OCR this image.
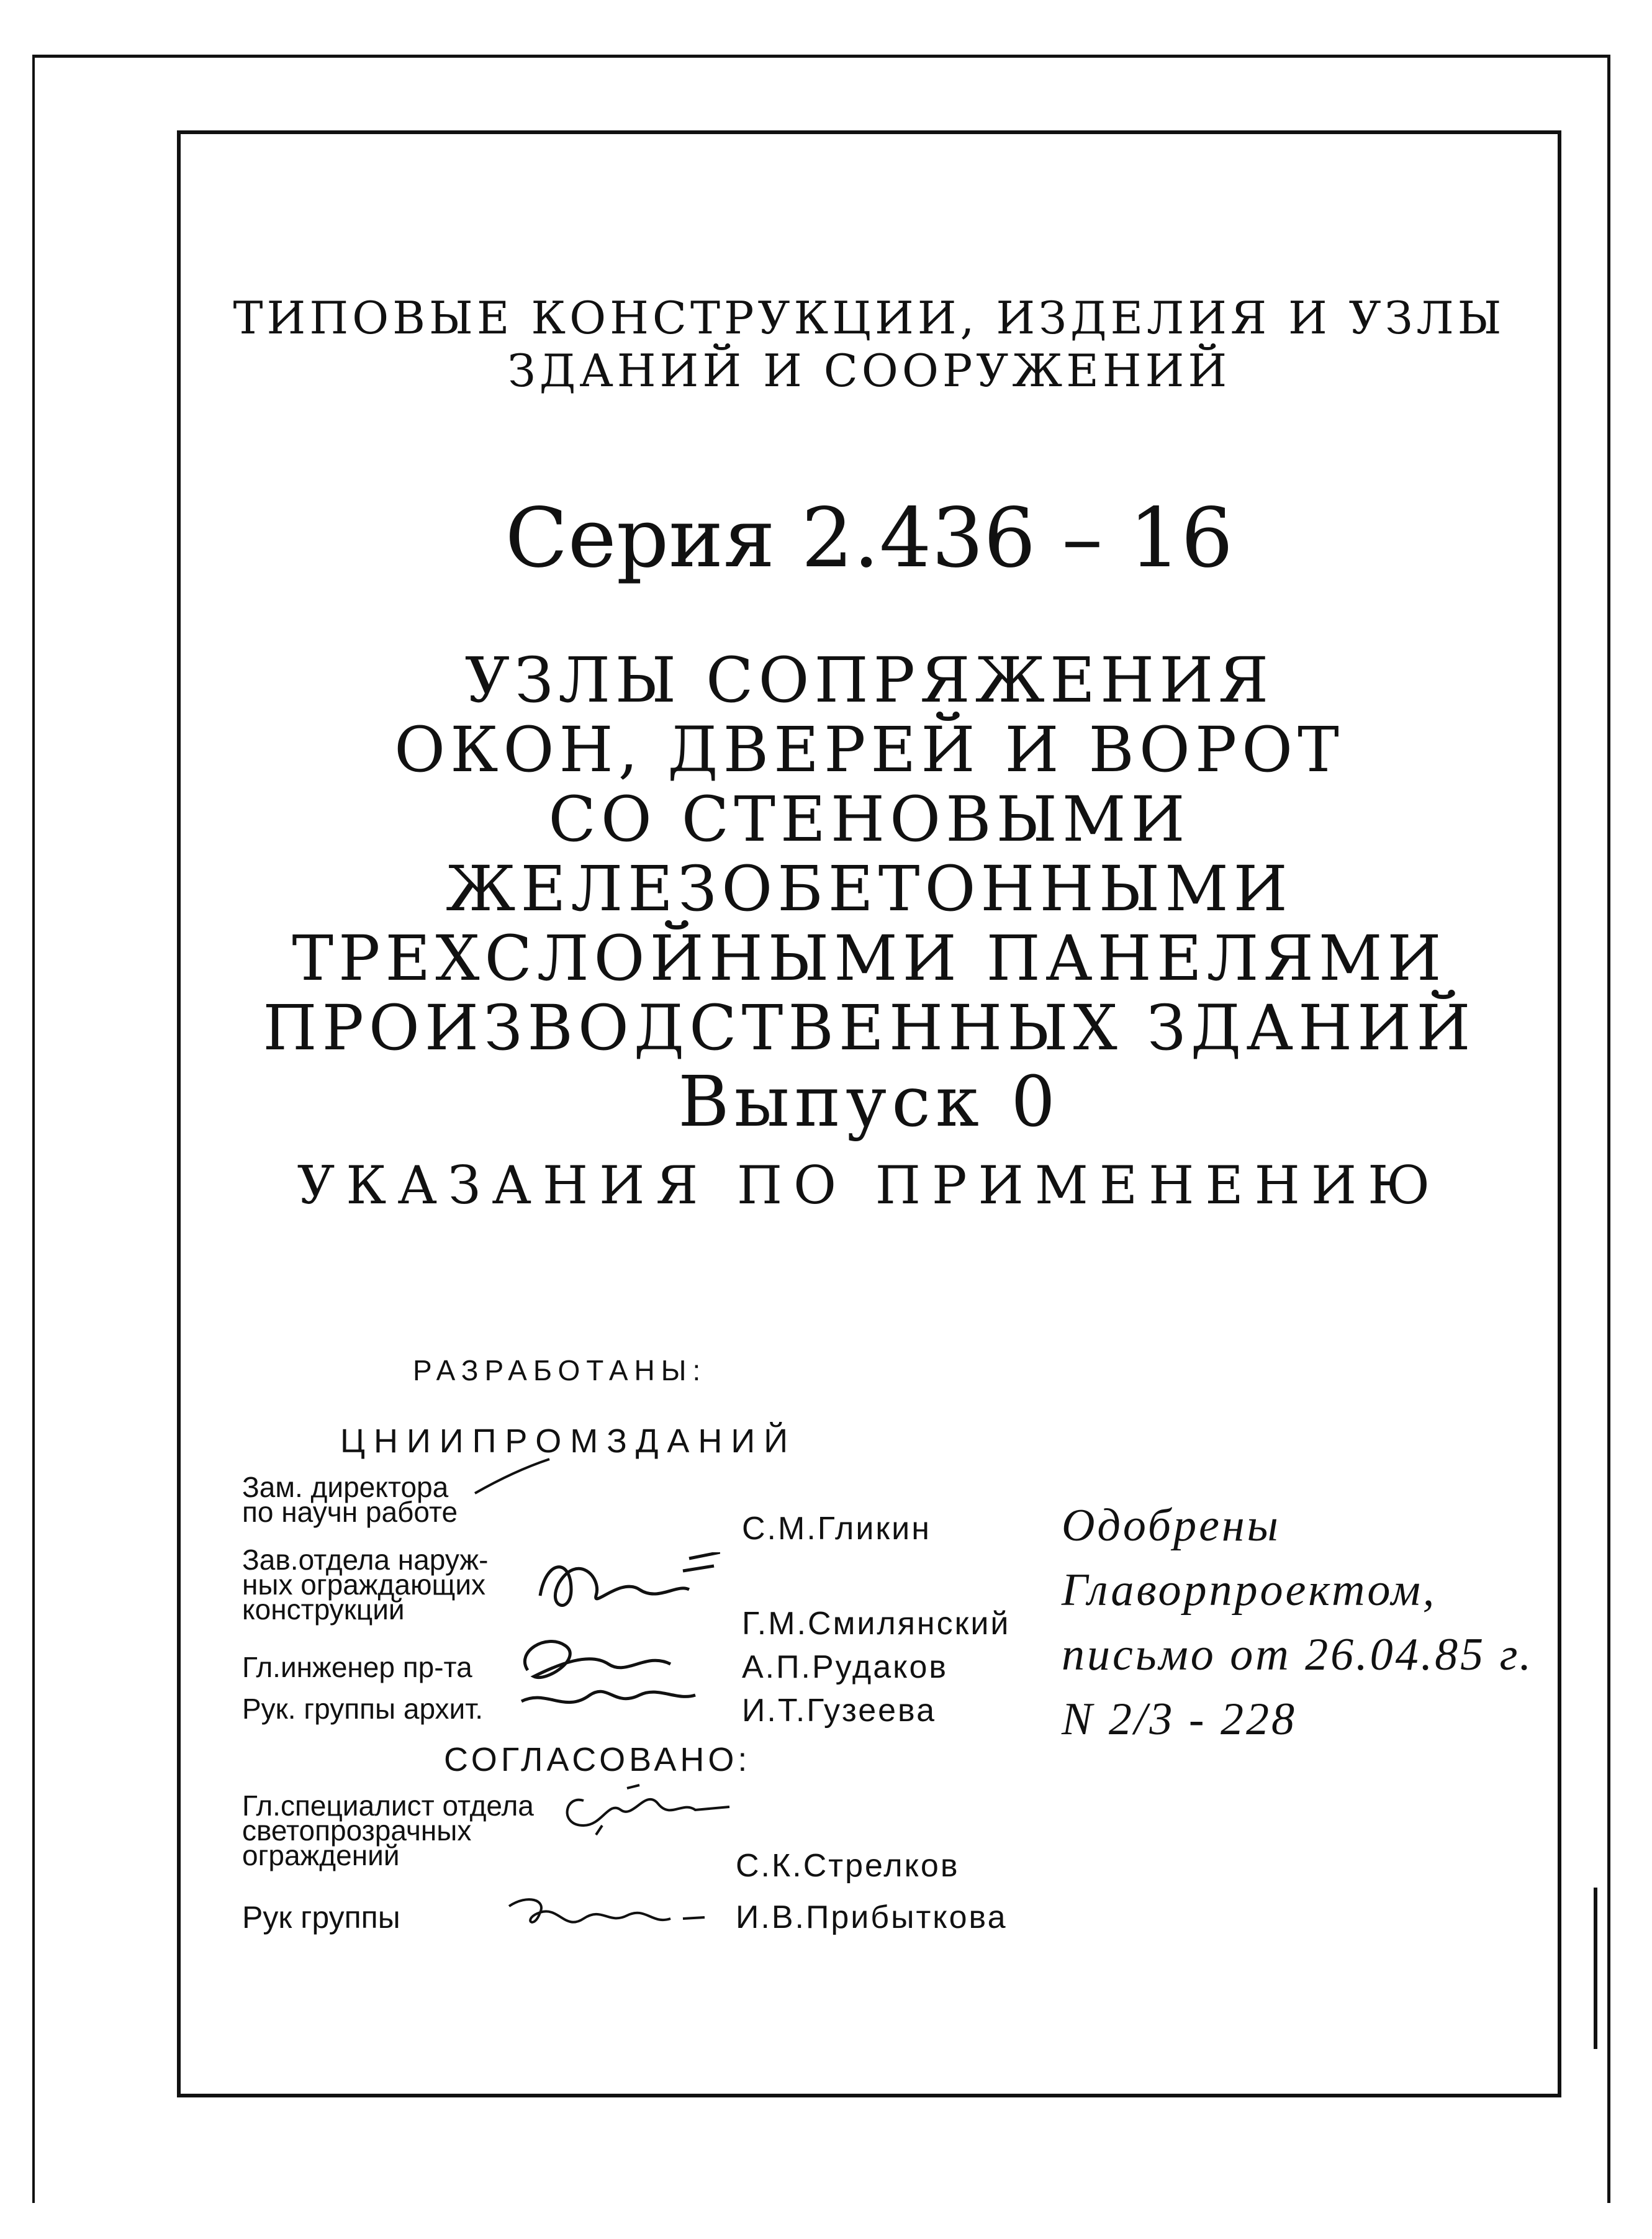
ТИПОВЫЕ КОНСТРУКЦИИ, ИЗДЕЛИЯ И УЗЛЫ
ЗДАНИЙ И СООРУЖЕНИЙ
Серия 2.436 – 16
УЗЛЫ СОПРЯЖЕНИЯ
ОКОН, ДВЕРЕЙ И ВОРОТ
СО СТЕНОВЫМИ ЖЕЛЕЗОБЕТОННЫМИ
ТРЕХСЛОЙНЫМИ ПАНЕЛЯМИ
ПРОИЗВОДСТВЕННЫХ ЗДАНИЙ
Выпуск 0
УКАЗАНИЯ ПО ПРИМЕНЕНИЮ
РАЗРАБОТАНЫ:
ЦНИИПРОМЗДАНИЙ
Зам. директора
по научн работе	С.М.Гликин
Зав.отдела наруж-
ных ограждающих
конструкций	Г.М.Смилянский
Гл.инженер пр-та	А.П.Рудаков
Рук. группы архит.	И.Т.Гузеева
СОГЛАСОВАНО:
Гл.специалист отдела
светопрозрачных
ограждений	С.К.Стрелков
Рук группы	И.В.Прибыткова
Одобрены
Главорпроектом,
письмо от 26.04.85 г.
N 2/3 - 228
